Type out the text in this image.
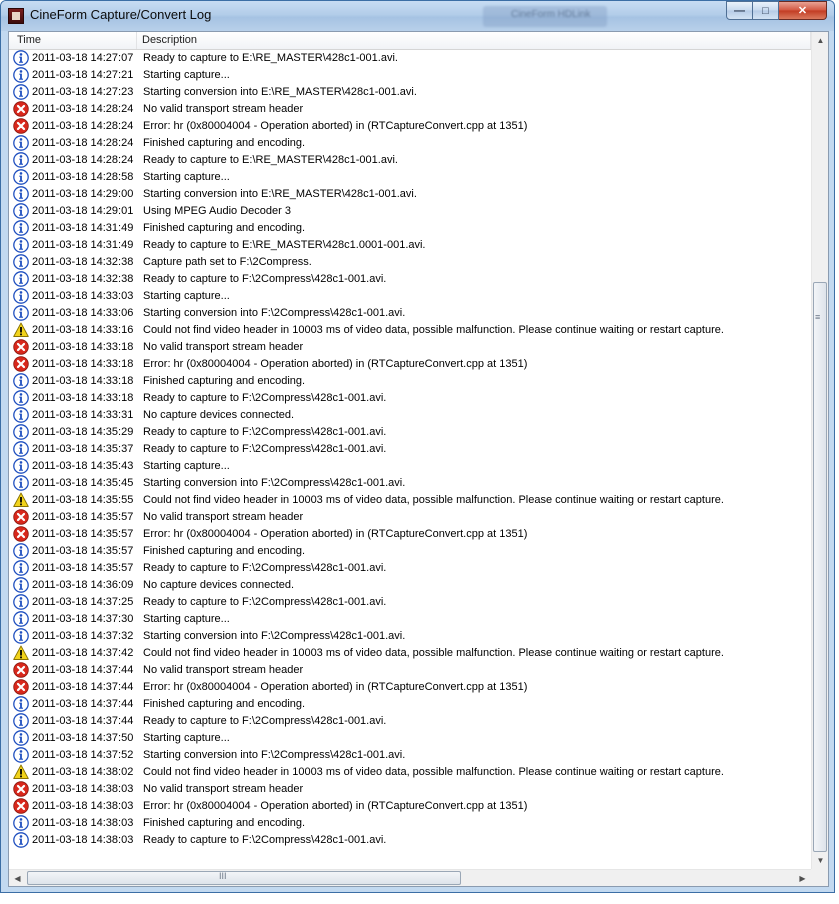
CineForm Capture/Convert Log	CineForm HDLink	— □	✕
Time	Description
2011-03-18 14:27:07 Ready to capture to E:\RE_MASTER\428c1-001.avi.
2011-03-18 14:27:21 Starting capture...
2011-03-18 14:27:23 Starting conversion into E:\RE_MASTER\428c1-001.avi.
2011-03-18 14:28:24 No valid transport stream header
2011-03-18 14:28:24 Error: hr (0x80004004 - Operation aborted) in (RTCaptureConvert.cpp at 1351)
2011-03-18 14:28:24 Finished capturing and encoding.
2011-03-18 14:28:24 Ready to capture to E:\RE_MASTER\428c1-001.avi.
2011-03-18 14:28:58 Starting capture...
2011-03-18 14:29:00 Starting conversion into E:\RE_MASTER\428c1-001.avi.
2011-03-18 14:29:01 Using MPEG Audio Decoder 3
2011-03-18 14:31:49 Finished capturing and encoding.
2011-03-18 14:31:49 Ready to capture to E:\RE_MASTER\428c1.0001-001.avi.
2011-03-18 14:32:38 Capture path set to F:\2Compress.
2011-03-18 14:32:38 Ready to capture to F:\2Compress\428c1-001.avi.
2011-03-18 14:33:03 Starting capture...
2011-03-18 14:33:06 Starting conversion into F:\2Compress\428c1-001.avi.
2011-03-18 14:33:16 Could not find video header in 10003 ms of video data, possible malfunction. Please continue waiting or restart capture.
2011-03-18 14:33:18 No valid transport stream header
2011-03-18 14:33:18 Error: hr (0x80004004 - Operation aborted) in (RTCaptureConvert.cpp at 1351)
2011-03-18 14:33:18 Finished capturing and encoding.
2011-03-18 14:33:18 Ready to capture to F:\2Compress\428c1-001.avi.
2011-03-18 14:33:31 No capture devices connected.
2011-03-18 14:35:29 Ready to capture to F:\2Compress\428c1-001.avi.
2011-03-18 14:35:37 Ready to capture to F:\2Compress\428c1-001.avi.
2011-03-18 14:35:43 Starting capture...
2011-03-18 14:35:45 Starting conversion into F:\2Compress\428c1-001.avi.
2011-03-18 14:35:55 Could not find video header in 10003 ms of video data, possible malfunction. Please continue waiting or restart capture.
2011-03-18 14:35:57 No valid transport stream header
2011-03-18 14:35:57 Error: hr (0x80004004 - Operation aborted) in (RTCaptureConvert.cpp at 1351)
2011-03-18 14:35:57 Finished capturing and encoding.
2011-03-18 14:35:57 Ready to capture to F:\2Compress\428c1-001.avi.
2011-03-18 14:36:09 No capture devices connected.
2011-03-18 14:37:25 Ready to capture to F:\2Compress\428c1-001.avi.
2011-03-18 14:37:30 Starting capture...
2011-03-18 14:37:32 Starting conversion into F:\2Compress\428c1-001.avi.
2011-03-18 14:37:42 Could not find video header in 10003 ms of video data, possible malfunction. Please continue waiting or restart capture.
2011-03-18 14:37:44 No valid transport stream header
2011-03-18 14:37:44 Error: hr (0x80004004 - Operation aborted) in (RTCaptureConvert.cpp at 1351)
2011-03-18 14:37:44 Finished capturing and encoding.
2011-03-18 14:37:44 Ready to capture to F:\2Compress\428c1-001.avi.
2011-03-18 14:37:50 Starting capture...
2011-03-18 14:37:52 Starting conversion into F:\2Compress\428c1-001.avi.
2011-03-18 14:38:02 Could not find video header in 10003 ms of video data, possible malfunction. Please continue waiting or restart capture.
2011-03-18 14:38:03 No valid transport stream header
2011-03-18 14:38:03 Error: hr (0x80004004 - Operation aborted) in (RTCaptureConvert.cpp at 1351)
2011-03-18 14:38:03 Finished capturing and encoding.
2011-03-18 14:38:03 Ready to capture to F:\2Compress\428c1-001.avi.
▲
≡
▼
◀	III	▶
